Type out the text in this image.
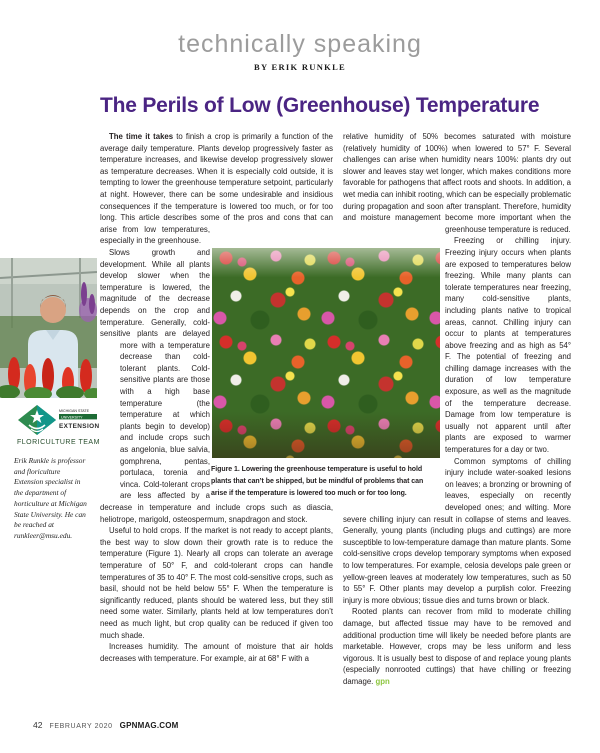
technically speaking
BY ERIK RUNKLE
The Perils of Low (Greenhouse) Temperature
MICHIGAN STATE
UNIVERSITY
EXTENSION
FLORICULTURE TEAM
Erik Runkle is professor and floriculture Extension specialist in the department of horticulture at Michigan State University. He can be reached at runkleer@msu.edu.
Figure 1. Lowering the greenhouse temperature is useful to hold plants that can’t be shipped, but be mindful of problems that can arise if the temperature is lowered too much or for too long.

The time it takes to finish a crop is primarily a function of the average daily temperature. Plants develop progressively faster as temperature increases, and likewise develop progressively slower as temperature decreases. When it is especially cold outside, it is tempting to lower the greenhouse temperature setpoint, particularly at night. However, there can be some undesirable and insidious consequences if the temperature is lowered too much, or for too long. This article describes some of the pros and cons that can arise from low temperatures, especially in the greenhouse.

Slows growth and development. While all plants develop slower when the temperature is lowered, the magnitude of the decrease depends on the crop and temperature. Generally, cold-sensitive plants are delayed more with a temperature decrease than cold-tolerant plants. Cold-sensitive plants are those with a high base temperature (the temperature at which plants begin to develop) and include crops such as angelonia, blue salvia, gomphrena, pentas, portulaca, torenia and vinca. Cold-tolerant crops are less affected by a decrease in temperature and include crops such as diascia, heliotrope, marigold, osteospermum, snapdragon and stock.

Useful to hold crops. If the market is not ready to accept plants, the best way to slow down their growth rate is to reduce the temperature (Figure 1). Nearly all crops can tolerate an average temperature of 50° F, and cold-tolerant crops can handle temperatures of 35 to 40° F. The most cold-sensitive crops, such as basil, should not be held below 55° F. When the temperature is significantly reduced, plants should be watered less, but they still need some water. Similarly, plants held at low temperatures don’t need as much light, but crop quality can be reduced if given too much shade.

Increases humidity. The amount of moisture that air holds decreases with temperature. For example, air at 68° F with a

relative humidity of 50% becomes saturated with moisture (relatively humidity of 100%) when lowered to 57° F. Several challenges can arise when humidity nears 100%: plants dry out slower and leaves stay wet longer, which makes conditions more favorable for pathogens that affect roots and shoots. In addition, a wet media can inhibit rooting, which can be especially problematic during propagation and soon after transplant. Therefore, humidity and moisture management become more important when the greenhouse temperature is reduced.

Freezing or chilling injury. Freezing injury occurs when plants are exposed to temperatures below freezing. While many plants can tolerate temperatures near freezing, many cold-sensitive plants, including plants native to tropical areas, cannot. Chilling injury can occur to plants at temperatures above freezing and as high as 54° F. The potential of freezing and chilling damage increases with the duration of low temperature exposure, as well as the magnitude of the temperature decrease. Damage from low temperature is usually not apparent until after plants are exposed to warmer temperatures for a day or two.

Common symptoms of chilling injury include water-soaked lesions on leaves; a bronzing or browning of leaves, especially on recently developed ones; and wilting. More severe chilling injury can result in collapse of stems and leaves. Generally, young plants (including plugs and cuttings) are more susceptible to low-temperature damage than mature plants. Some cold-sensitive crops develop temporary symptoms when exposed to low temperatures. For example, celosia develops pale green or yellow-green leaves at moderately low temperatures, such as 50 to 55° F. Other plants may develop a purplish color. Freezing injury is more obvious; tissue dies and turns brown or black.

Rooted plants can recover from mild to moderate chilling damage, but affected tissue may have to be removed and additional production time will likely be needed before plants are marketable. However, crops may be less uniform and less vigorous. It is usually best to dispose of and replace young plants (especially nonrooted cuttings) that have chilling or freezing damage. gpn

42 FEBRUARY 2020 GPNMAG.COM
